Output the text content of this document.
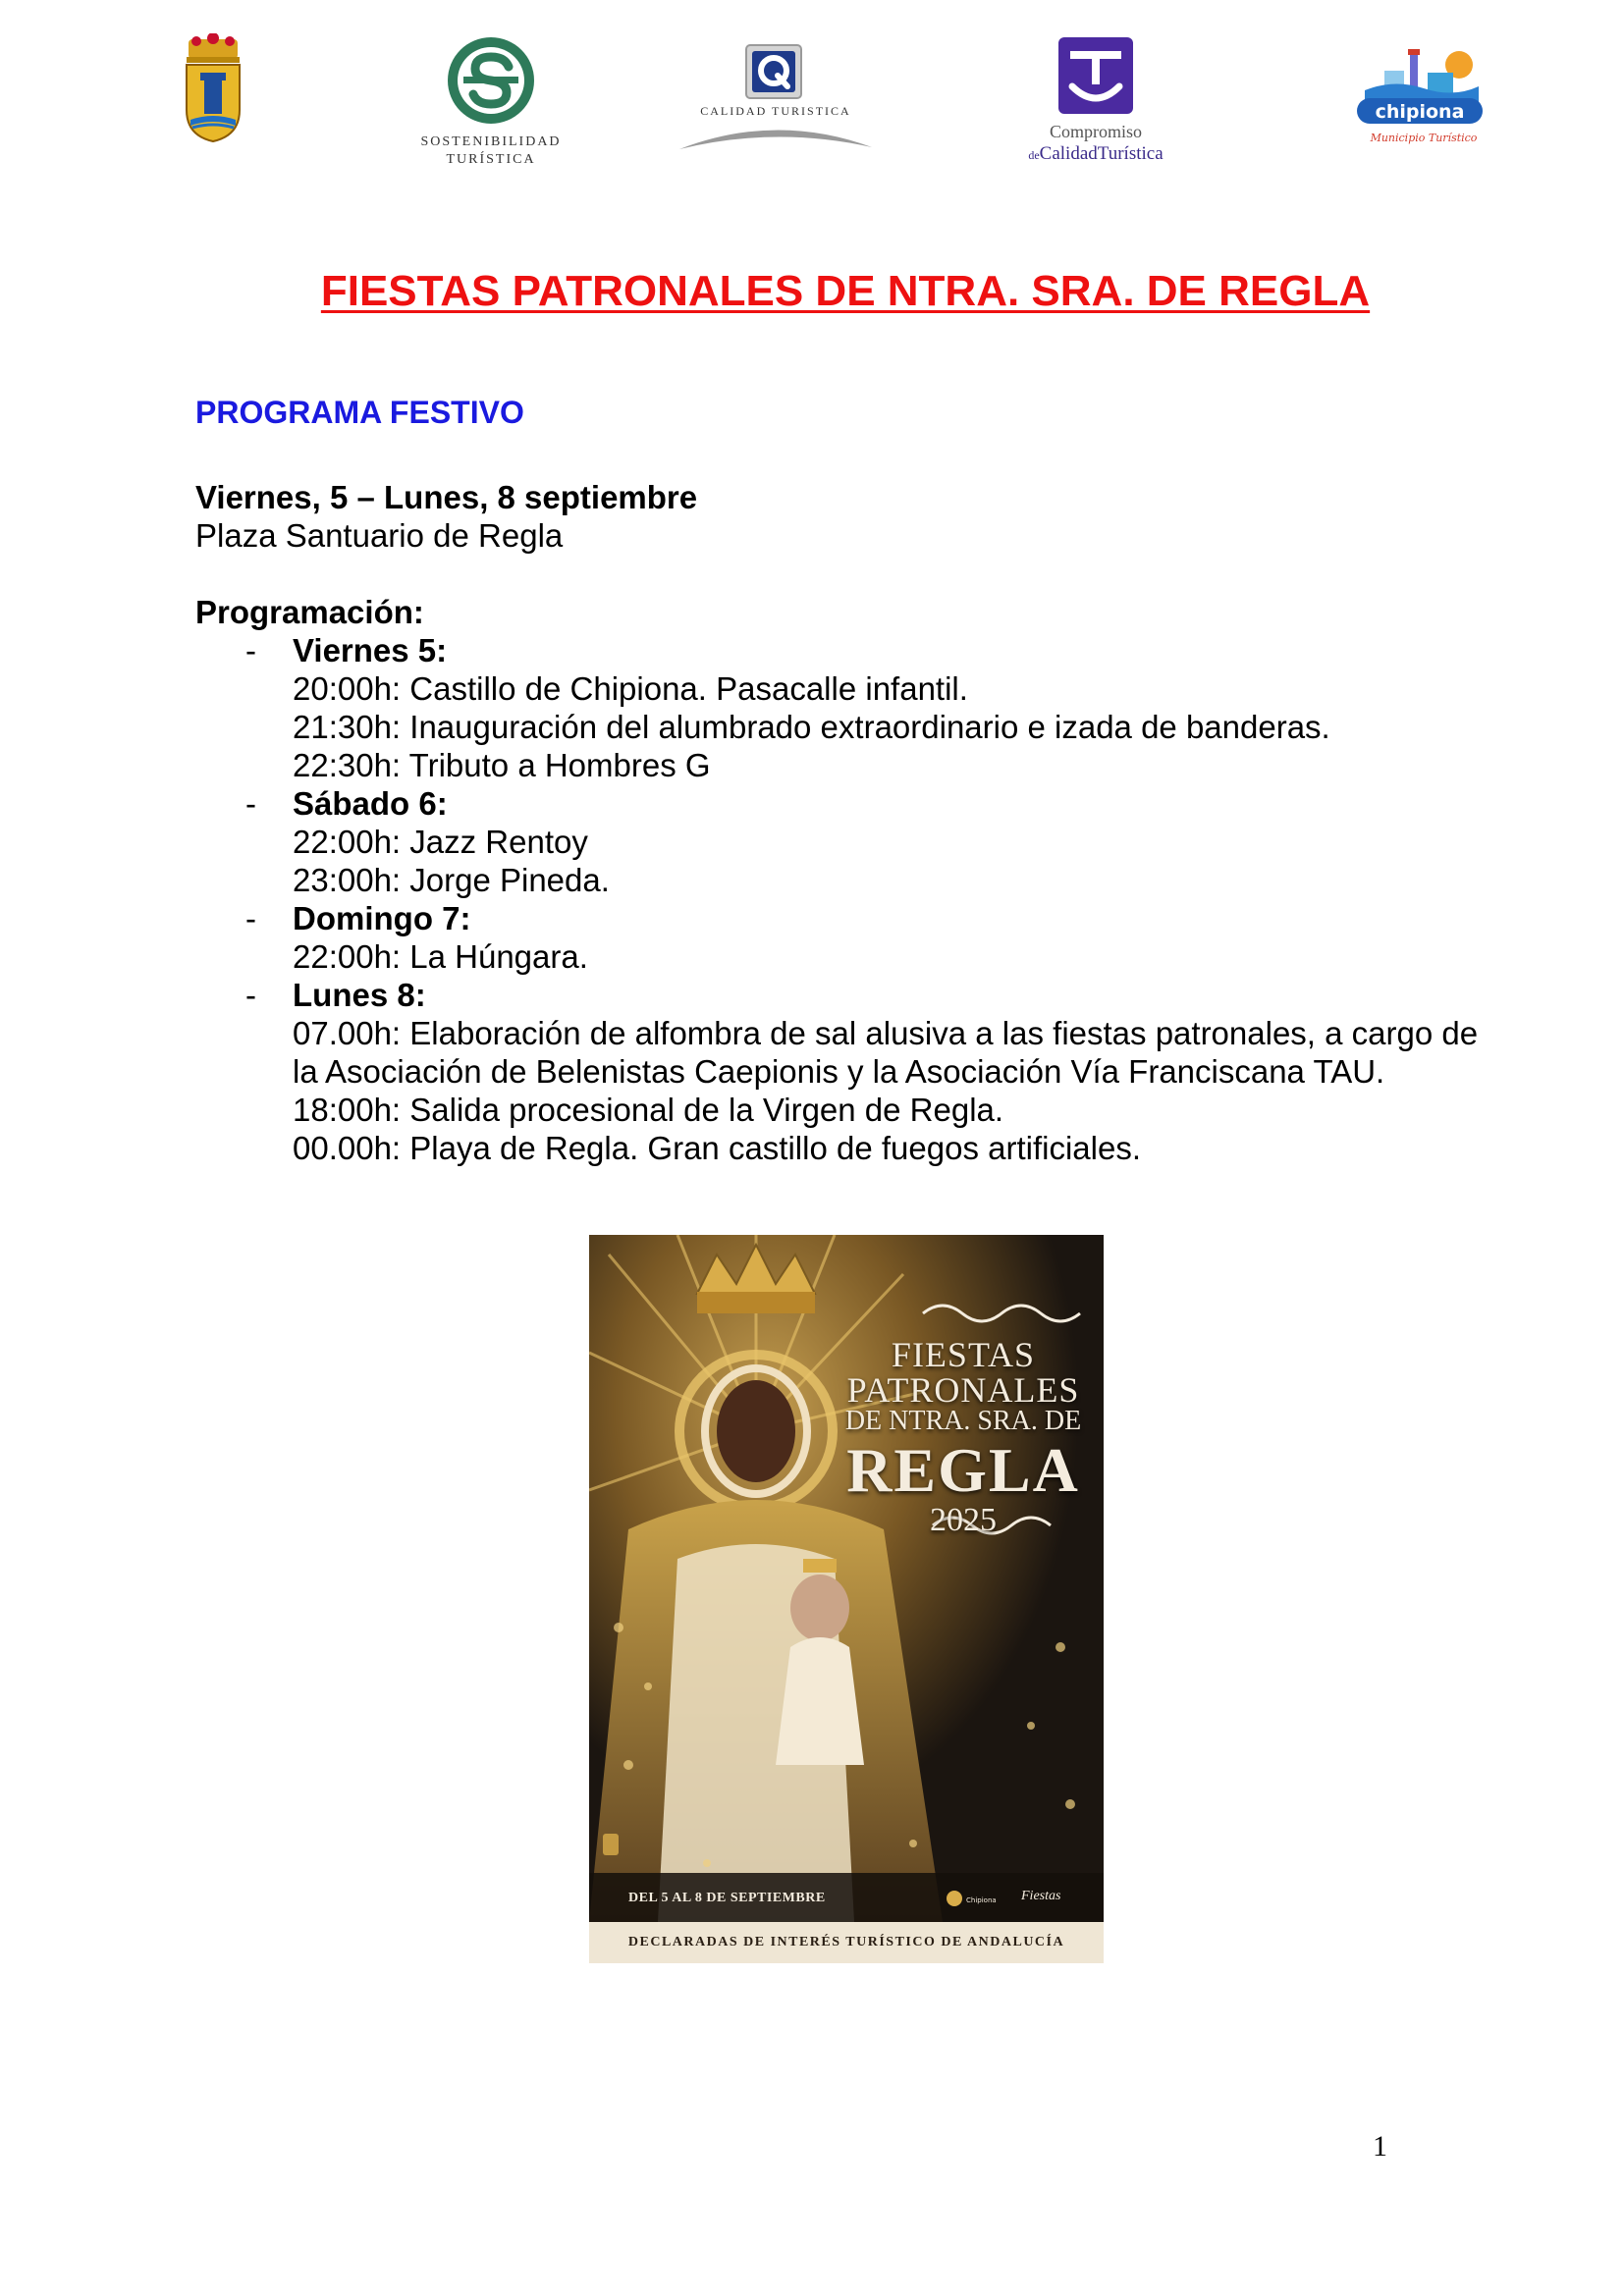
SOSTENIBILIDAD
TURÍSTICA
CALIDAD TURISTICA
Compromiso
deCalidadTurística
chipiona
Municipio Turístico
FIESTAS PATRONALES DE NTRA. SRA. DE REGLA
PROGRAMA FESTIVO
Viernes, 5 – Lunes, 8 septiembre
Plaza Santuario de Regla
Programación:
- Viernes 5:
20:00h: Castillo de Chipiona. Pasacalle infantil.
21:30h: Inauguración del alumbrado extraordinario e izada de banderas.
22:30h: Tributo a Hombres G
- Sábado 6:
22:00h: Jazz Rentoy
23:00h: Jorge Pineda.
- Domingo 7:
22:00h: La Húngara.
- Lunes 8:
07.00h: Elaboración de alfombra de sal alusiva a las fiestas patronales, a cargo de
la Asociación de Belenistas Caepionis y la Asociación Vía Franciscana TAU.
18:00h: Salida procesional de la Virgen de Regla.
00.00h: Playa de Regla. Gran castillo de fuegos artificiales.
Chipiona
FIESTAS
PATRONALES
DE NTRA. SRA. DE
REGLA
2025
DEL 5 AL 8 DE SEPTIEMBRE	Fiestas
DECLARADAS DE INTERÉS TURÍSTICO DE ANDALUCÍA
1
